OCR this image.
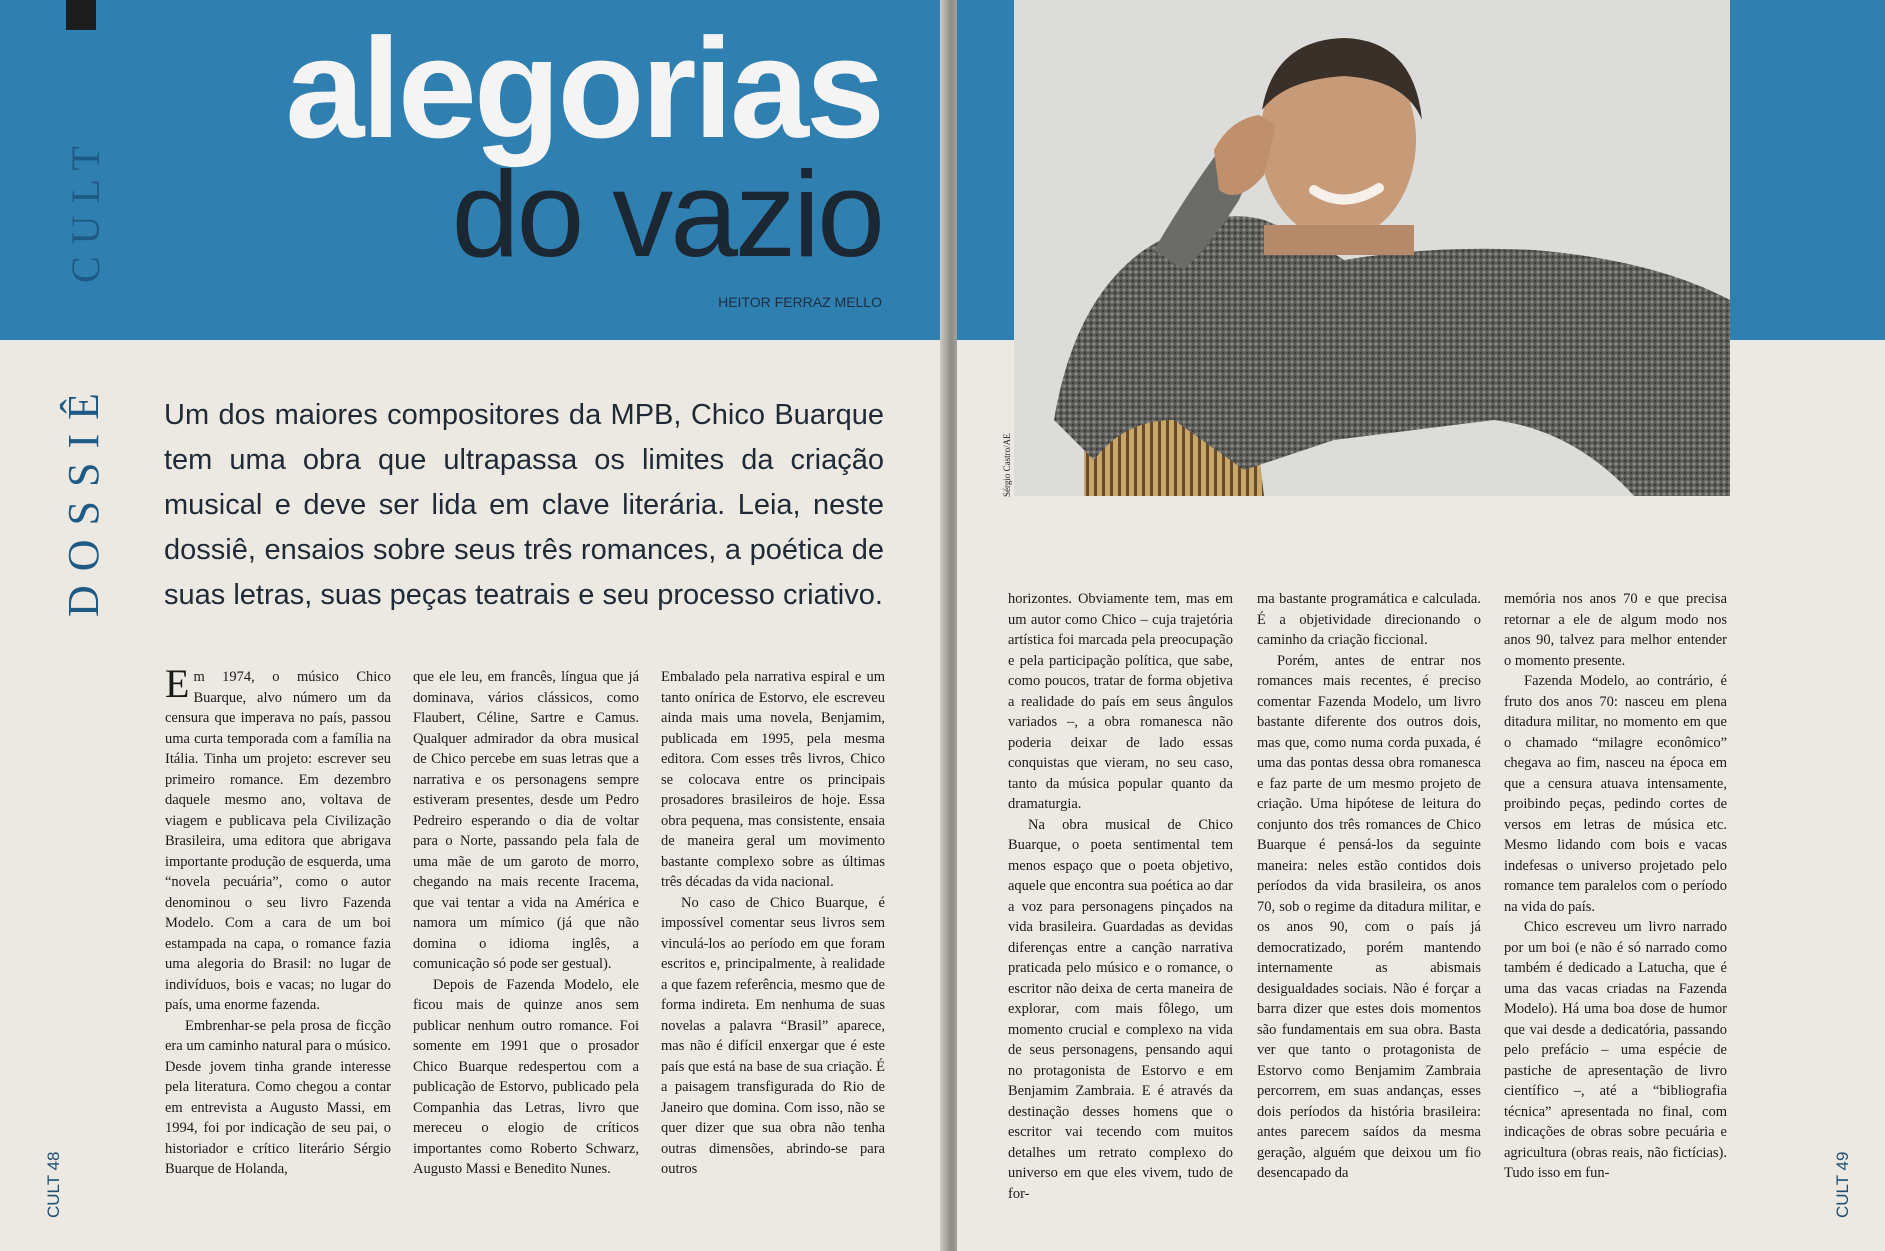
CULT
alegorias
do vazio
HEITOR FERRAZ MELLO
DOSSIÊ Um dos maiores compositores da MPB, Chico Buarque tem uma obra que ultrapassa os limites da criação musical e deve ser lida em clave literária. Leia, neste dossiê, ensaios sobre seus três romances, a poética de suas letras, suas peças teatrais e seu processo criativo.

Em 1974, o músico Chico Buarque, alvo número um da censura que imperava no país, passou uma curta temporada com a família na Itália. Tinha um projeto: escrever seu primeiro romance. Em dezembro daquele mesmo ano, voltava de viagem e publicava pela Civilização Brasileira, uma editora que abrigava importante produção de esquerda, uma “novela pecuária”, como o autor denominou o seu livro Fazenda Modelo. Com a cara de um boi estampada na capa, o romance fazia uma alegoria do Brasil: no lugar de indivíduos, bois e vacas; no lugar do país, uma enorme fazenda.

Embrenhar-se pela prosa de ficção era um caminho natural para o músico. Desde jovem tinha grande interesse pela literatura. Como chegou a contar em entrevista a Augusto Massi, em 1994, foi por indicação de seu pai, o historiador e crítico literário Sérgio Buarque de Holanda,

que ele leu, em francês, língua que já dominava, vários clássicos, como Flaubert, Céline, Sartre e Camus. Qualquer admirador da obra musical de Chico percebe em suas letras que a narrativa e os personagens sempre estiveram presentes, desde um Pedro Pedreiro esperando o dia de voltar para o Norte, passando pela fala de uma mãe de um garoto de morro, chegando na mais recente Iracema, que vai tentar a vida na América e namora um mímico (já que não domina o idioma inglês, a comunicação só pode ser gestual).

Depois de Fazenda Modelo, ele ficou mais de quinze anos sem publicar nenhum outro romance. Foi somente em 1991 que o prosador Chico Buarque redespertou com a publicação de Estorvo, publicado pela Companhia das Letras, livro que mereceu o elogio de críticos importantes como Roberto Schwarz, Augusto Massi e Benedito Nunes.

Embalado pela narrativa espiral e um tanto onírica de Estorvo, ele escreveu ainda mais uma novela, Benjamim, publicada em 1995, pela mesma editora. Com esses três livros, Chico se colocava entre os principais prosadores brasileiros de hoje. Essa obra pequena, mas consistente, ensaia de maneira geral um movimento bastante complexo sobre as últimas três décadas da vida nacional.

No caso de Chico Buarque, é impossível comentar seus livros sem vinculá-los ao período em que foram escritos e, principalmente, à realidade a que fazem referência, mesmo que de forma indireta. Em nenhuma de suas novelas a palavra “Brasil” aparece, mas não é difícil enxergar que é este país que está na base de sua criação. É a paisagem transfigurada do Rio de Janeiro que domina. Com isso, não se quer dizer que sua obra não tenha outras dimensões, abrindo-se para outros

CULT 48
Sérgio Castro/AE

horizontes. Obviamente tem, mas em um autor como Chico – cuja trajetória artística foi marcada pela preocupação e pela participação política, que sabe, como poucos, tratar de forma objetiva a realidade do país em seus ângulos variados –, a obra romanesca não poderia deixar de lado essas conquistas que vieram, no seu caso, tanto da música popular quanto da dramaturgia.

Na obra musical de Chico Buarque, o poeta sentimental tem menos espaço que o poeta objetivo, aquele que encontra sua poética ao dar a voz para personagens pinçados na vida brasileira. Guardadas as devidas diferenças entre a canção narrativa praticada pelo músico e o romance, o escritor não deixa de certa maneira de explorar, com mais fôlego, um momento crucial e complexo na vida de seus personagens, pensando aqui no protagonista de Estorvo e em Benjamim Zambraia. E é através da destinação desses homens que o escritor vai tecendo com muitos detalhes um retrato complexo do universo em que eles vivem, tudo de for-

ma bastante programática e calculada. É a objetividade direcionando o caminho da criação ficcional.

Porém, antes de entrar nos romances mais recentes, é preciso comentar Fazenda Modelo, um livro bastante diferente dos outros dois, mas que, como numa corda puxada, é uma das pontas dessa obra romanesca e faz parte de um mesmo projeto de criação. Uma hipótese de leitura do conjunto dos três romances de Chico Buarque é pensá-los da seguinte maneira: neles estão contidos dois períodos da vida brasileira, os anos 70, sob o regime da ditadura militar, e os anos 90, com o país já democratizado, porém mantendo internamente as abismais desigualdades sociais. Não é forçar a barra dizer que estes dois momentos são fundamentais em sua obra. Basta ver que tanto o protagonista de Estorvo como Benjamim Zambraia percorrem, em suas andanças, esses dois períodos da história brasileira: antes parecem saídos da mesma geração, alguém que deixou um fio desencapado da

memória nos anos 70 e que precisa retornar a ele de algum modo nos anos 90, talvez para melhor entender o momento presente.

Fazenda Modelo, ao contrário, é fruto dos anos 70: nasceu em plena ditadura militar, no momento em que o chamado “milagre econômico” chegava ao fim, nasceu na época em que a censura atuava intensamente, proibindo peças, pedindo cortes de versos em letras de música etc. Mesmo lidando com bois e vacas indefesas o universo projetado pelo romance tem paralelos com o período na vida do país.

Chico escreveu um livro narrado por um boi (e não é só narrado como também é dedicado a Latucha, que é uma das vacas criadas na Fazenda Modelo). Há uma boa dose de humor que vai desde a dedicatória, passando pelo prefácio – uma espécie de pastiche de apresentação de livro científico –, até a “bibliografia técnica” apresentada no final, com indicações de obras sobre pecuária e agricultura (obras reais, não fictícias). Tudo isso em fun-	CULT 49
